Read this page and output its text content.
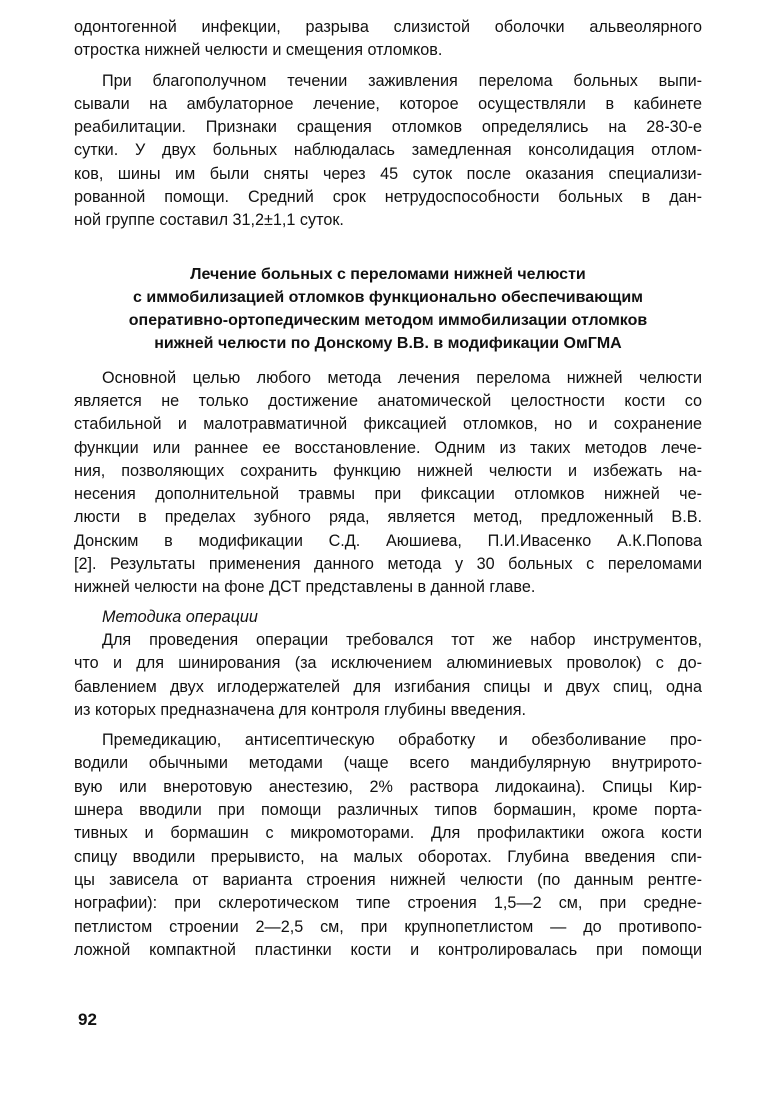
одонтогенной инфекции, разрыва слизистой оболочки альвеолярного
отростка нижней челюсти и смещения отломков.
При благополучном течении заживления перелома больных выпи-
сывали на амбулаторное лечение, которое осуществляли в кабинете
реабилитации. Признаки сращения отломков определялись на 28-30-е
сутки. У двух больных наблюдалась замедленная консолидация отлом-
ков, шины им были сняты через 45 суток после оказания специализи-
рованной помощи. Средний срок нетрудоспособности больных в дан-
ной группе составил 31,2±1,1 суток.
Лечение больных с переломами нижней челюсти
с иммобилизацией отломков функционально обеспечивающим
оперативно-ортопедическим методом иммобилизации отломков
нижней челюсти по Донскому В.В. в модификации ОмГМА
Основной целью любого метода лечения перелома нижней челюсти
является не только достижение анатомической целостности кости со
стабильной и малотравматичной фиксацией отломков, но и сохранение
функции или раннее ее восстановление. Одним из таких методов лече-
ния, позволяющих сохранить функцию нижней челюсти и избежать на-
несения дополнительной травмы при фиксации отломков нижней че-
люсти в пределах зубного ряда, является метод, предложенный В.В.
Донским в модификации С.Д. Аюшиева, П.И.Ивасенко А.К.Попова
[2]. Результаты применения данного метода у 30 больных с переломами
нижней челюсти на фоне ДСТ представлены в данной главе.
Методика операции
Для проведения операции требовался тот же набор инструментов,
что и для шинирования (за исключением алюминиевых проволок) с до-
бавлением двух иглодержателей для изгибания спицы и двух спиц, одна
из которых предназначена для контроля глубины введения.
Премедикацию, антисептическую обработку и обезболивание про-
водили обычными методами (чаще всего мандибулярную внутрирото-
вую или внеротовую анестезию, 2% раствора лидокаина). Спицы Кир-
шнера вводили при помощи различных типов бормашин, кроме порта-
тивных и бормашин с микромоторами. Для профилактики ожога кости
спицу вводили прерывисто, на малых оборотах. Глубина введения спи-
цы зависела от варианта строения нижней челюсти (по данным рентге-
нографии): при склеротическом типе строения 1,5—2 см, при средне-
петлистом строении 2—2,5 см, при крупнопетлистом — до противопо-
ложной компактной пластинки кости и контролировалась при помощи
92
